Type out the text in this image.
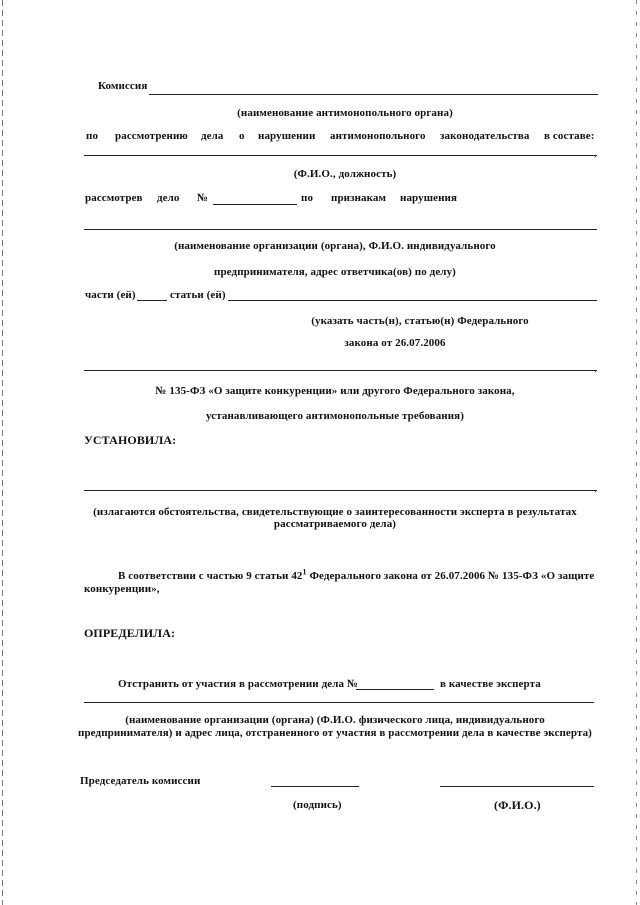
Комиссия
(наименование антимонопольного органа)
по рассмотрению дела о нарушении антимонопольного законодательства в составе:
(Ф.И.О., должность)
рассмотрев дело №	по признакам нарушения
(наименование организации (органа), Ф.И.О. индивидуального
предпринимателя, адрес ответчика(ов) по делу)
части (ей)	статьи (ей)
(указать часть(н), статью(н) Федерального
закона от 26.07.2006
№ 135-ФЗ «О защите конкуренции» или другого Федерального закона,
устанавливающего антимонопольные требования)
УСТАНОВИЛА:
(излагаются обстоятельства, свидетельствующие о заинтересованности эксперта в результатах
рассматриваемого дела)
В соответствии с частью 9 статьи $42^1$ Федерального закона от 26.07.2006 № 135-ФЗ «О защите
конкуренции»,
ОПРЕДЕЛИЛА:
Отстранить от участия в рассмотрении дела №	в качестве эксперта
(наименование организации (органа) (Ф.И.О. физического лица, индивидуального
предпринимателя) и адрес лица, отстраненного от участия в рассмотрении дела в качестве эксперта)
Председатель комиссии
(подпись)	(Ф.И.О.)
,
,
,
